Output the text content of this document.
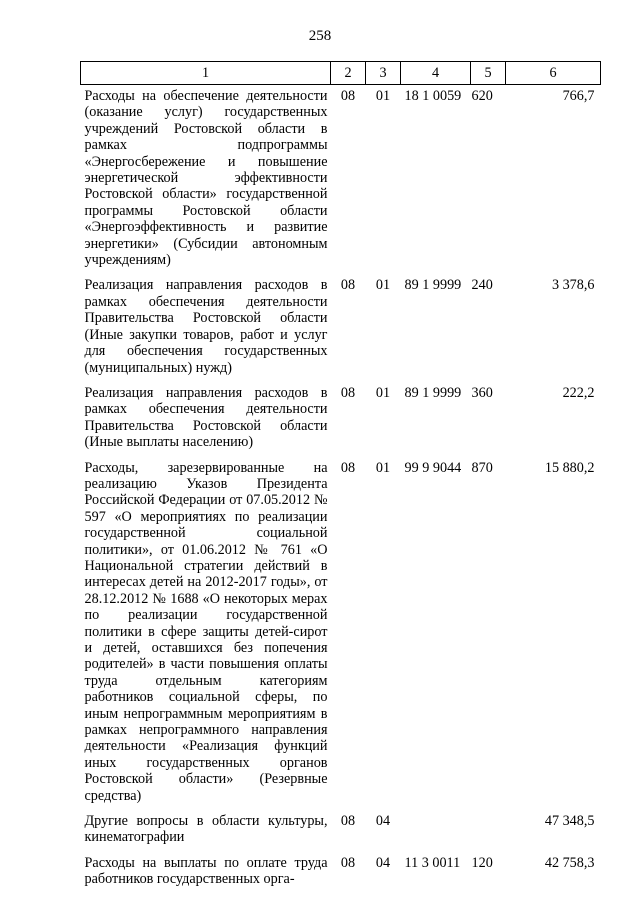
258
1	2	3	4	5	6
Расходы на обеспечение деятельности (оказание услуг) государственных учреждений Ростовской области в рамках подпрограммы «Энергосбережение и повышение энергетической эффективности Ростовской области» государственной программы Ростовской области «Энергоэффективность и развитие энергетики» (Субсидии автономным учреждениям)	08	01	18 1 0059	620	766,7
Реализация направления расходов в рамках обеспечения деятельности Правительства Ростовской области (Иные закупки товаров, работ и услуг для обеспечения государственных (муниципальных) нужд)	08	01	89 1 9999	240	3 378,6
Реализация направления расходов в рамках обеспечения деятельности Правительства Ростовской области (Иные выплаты населению)	08	01	89 1 9999	360	222,2
Расходы, зарезервированные на реализацию Указов Президента Российской Федерации от 07.05.2012 № 597 «О мероприятиях по реализации государственной социальной политики», от 01.06.2012 № 761 «О Национальной стратегии действий в интересах детей на 2012-2017 годы», от 28.12.2012 № 1688 «О некоторых мерах по реализации государственной политики в сфере защиты детей-сирот и детей, оставшихся без попечения родителей» в части повышения оплаты труда отдельным категориям работников социальной сферы, по иным непрограммным мероприятиям в рамках непрограммного направления деятельности «Реализация функций иных государственных органов Ростовской области» (Резервные средства)	08	01	99 9 9044	870	15 880,2
Другие вопросы в области культуры, кинематографии	08	04			47 348,5
Расходы на выплаты по оплате труда работников государственных орга-	08	04	11 3 0011	120	42 758,3
